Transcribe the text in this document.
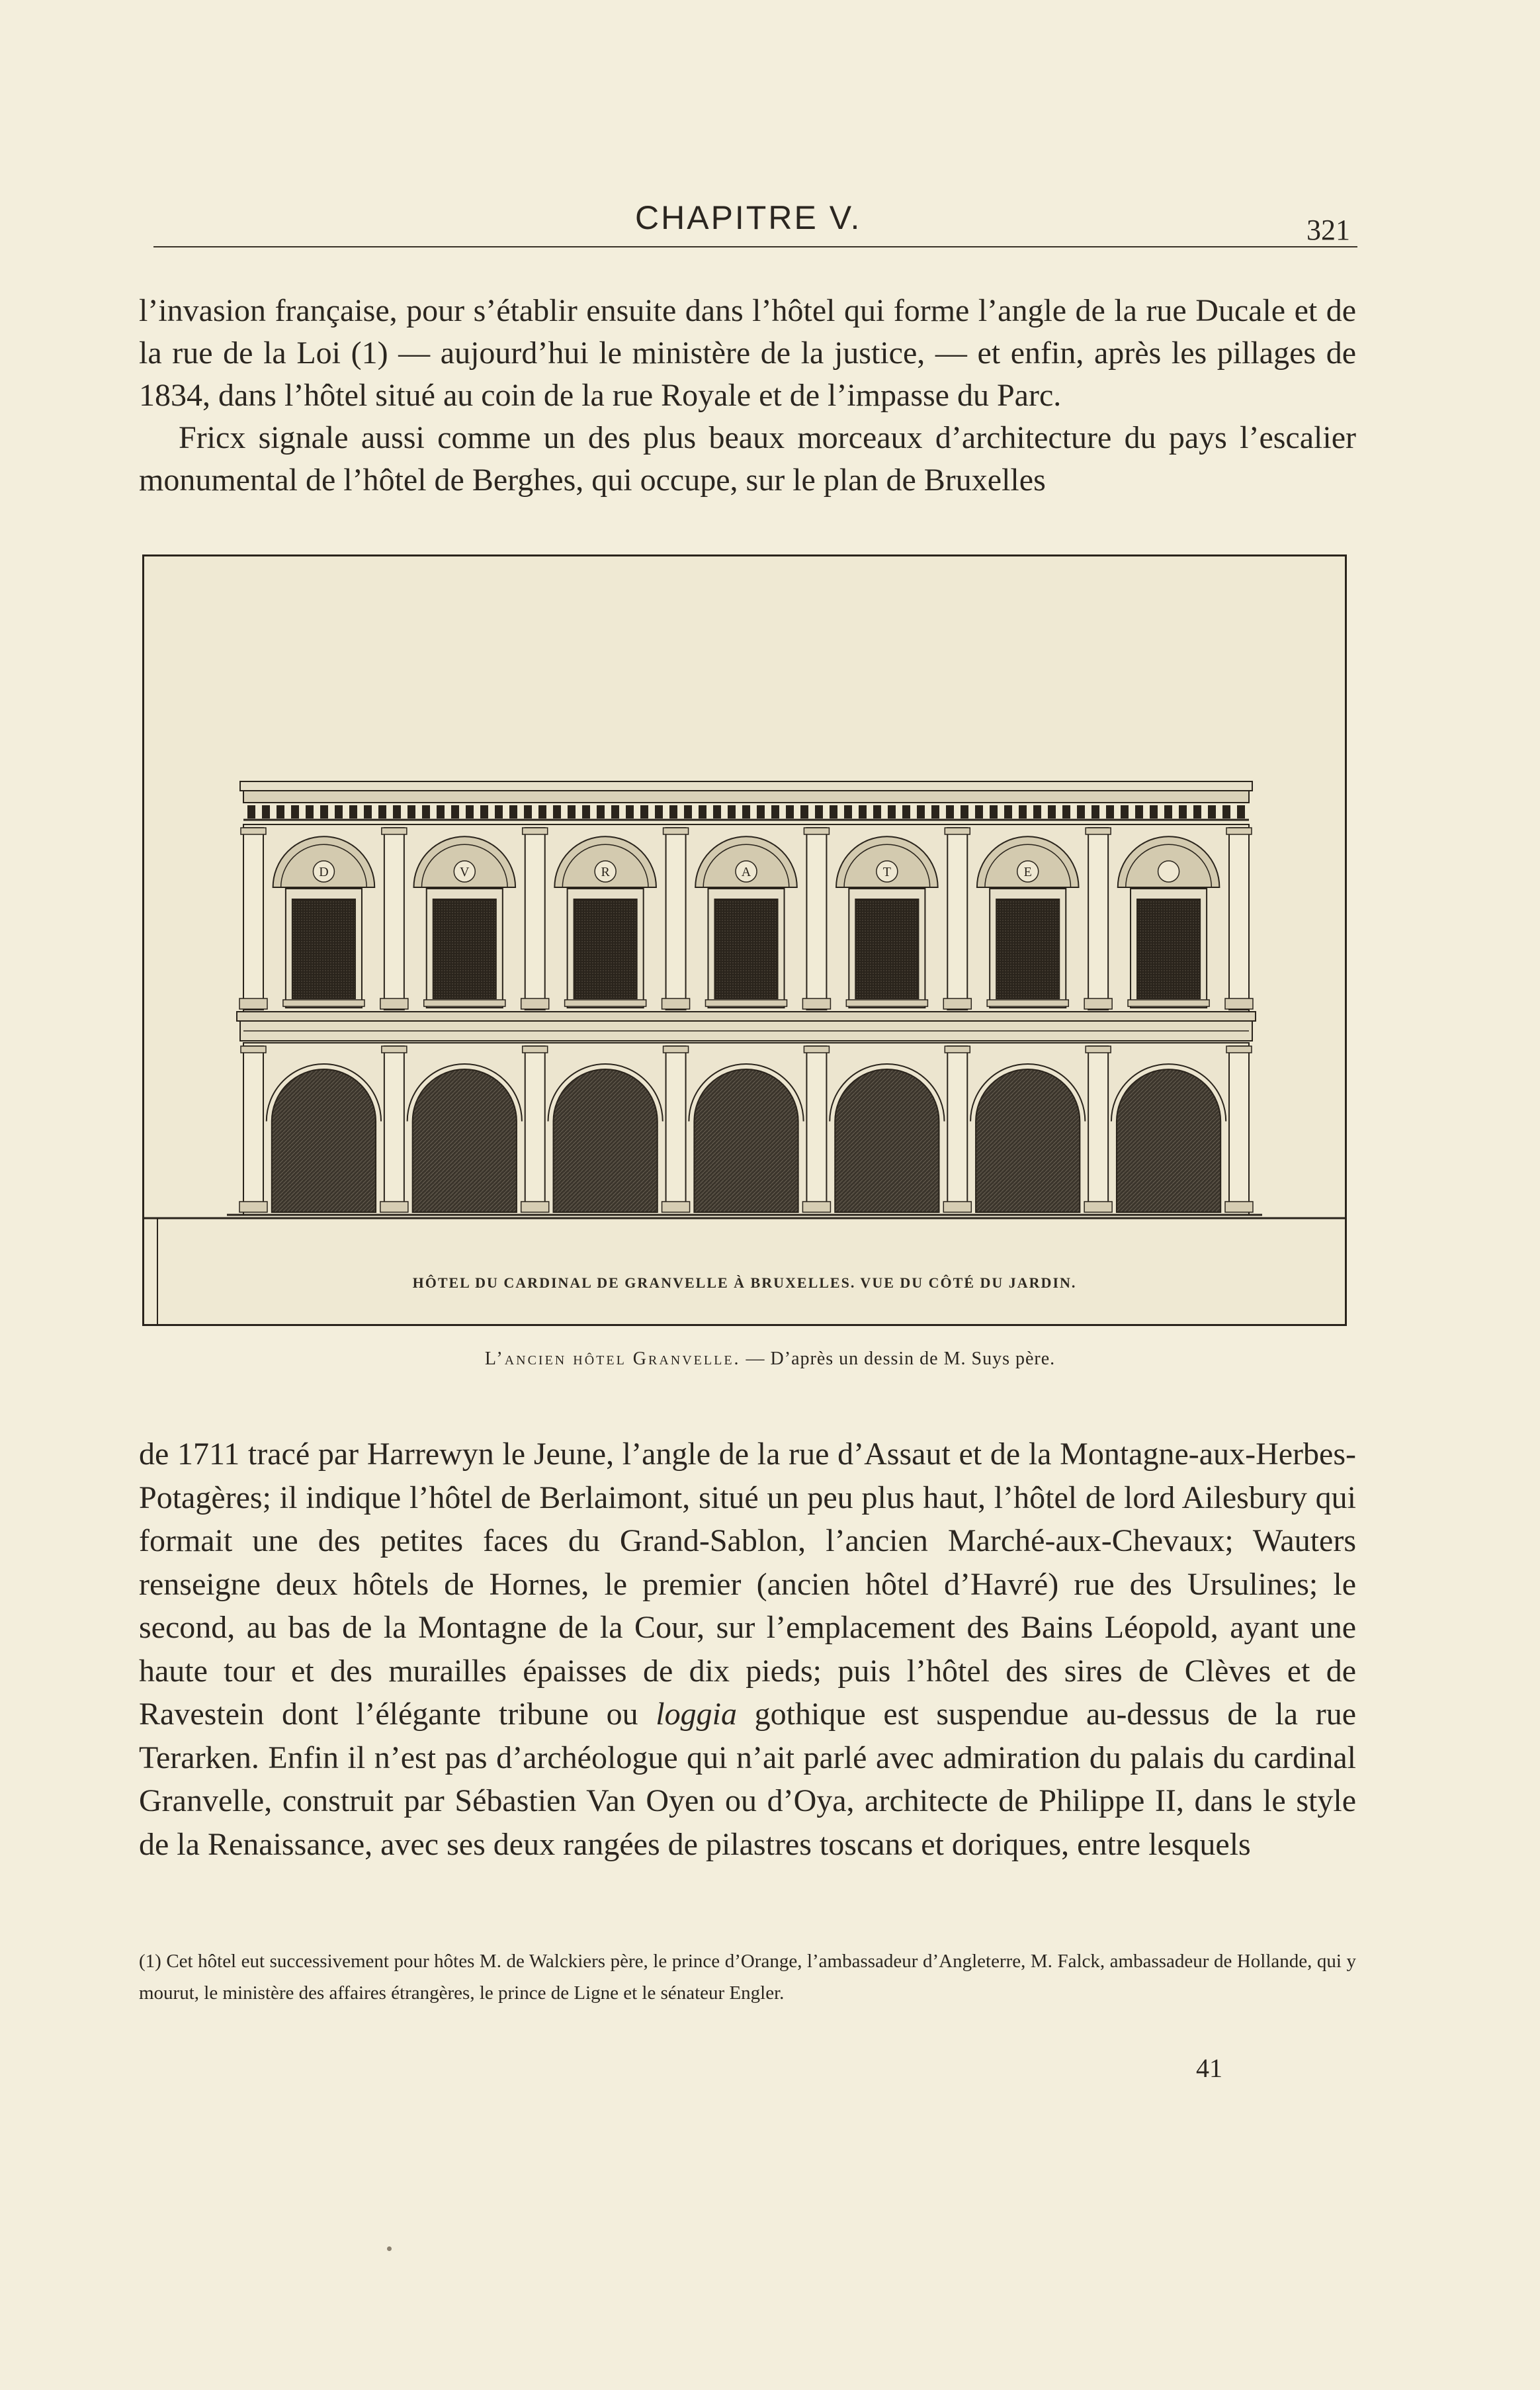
CHAPITRE V.	321

l’invasion française, pour s’établir ensuite dans l’hôtel qui forme l’angle de la rue Ducale et de la rue de la Loi (1) — aujourd’hui le ministère de la justice, — et enfin, après les pillages de 1834, dans l’hôtel situé au coin de la rue Royale et de l’impasse du Parc.

Fricx signale aussi comme un des plus beaux morceaux d’architecture du pays l’escalier monumental de l’hôtel de Berghes, qui occupe, sur le plan de Bruxelles

D	V	R	A	T	E
HÔTEL DU CARDINAL DE GRANVELLE À BRUXELLES. VUE DU CÔTÉ DU JARDIN.
L’ancien hôtel Granvelle. — D’après un dessin de M. Suys père.

de 1711 tracé par Harrewyn le Jeune, l’angle de la rue d’Assaut et de la Montagne-aux-Herbes-Potagères; il indique l’hôtel de Berlaimont, situé un peu plus haut, l’hôtel de lord Ailesbury qui formait une des petites faces du Grand-Sablon, l’ancien Marché-aux-Chevaux; Wauters renseigne deux hôtels de Hornes, le premier (ancien hôtel d’Havré) rue des Ursulines; le second, au bas de la Montagne de la Cour, sur l’emplacement des Bains Léopold, ayant une haute tour et des murailles épaisses de dix pieds; puis l’hôtel des sires de Clèves et de Ravestein dont l’élégante tribune ou loggia gothique est suspendue au-dessus de la rue Terarken. Enfin il n’est pas d’archéologue qui n’ait parlé avec admiration du palais du cardinal Granvelle, construit par Sébastien Van Oyen ou d’Oya, architecte de Philippe II, dans le style de la Renaissance, avec ses deux rangées de pilastres toscans et doriques, entre lesquels

(1) Cet hôtel eut successivement pour hôtes M. de Walckiers père, le prince d’Orange, l’ambassadeur d’Angleterre, M. Falck, ambassadeur de Hollande, qui y mourut, le ministère des affaires étrangères, le prince de Ligne et le sénateur Engler.

41
